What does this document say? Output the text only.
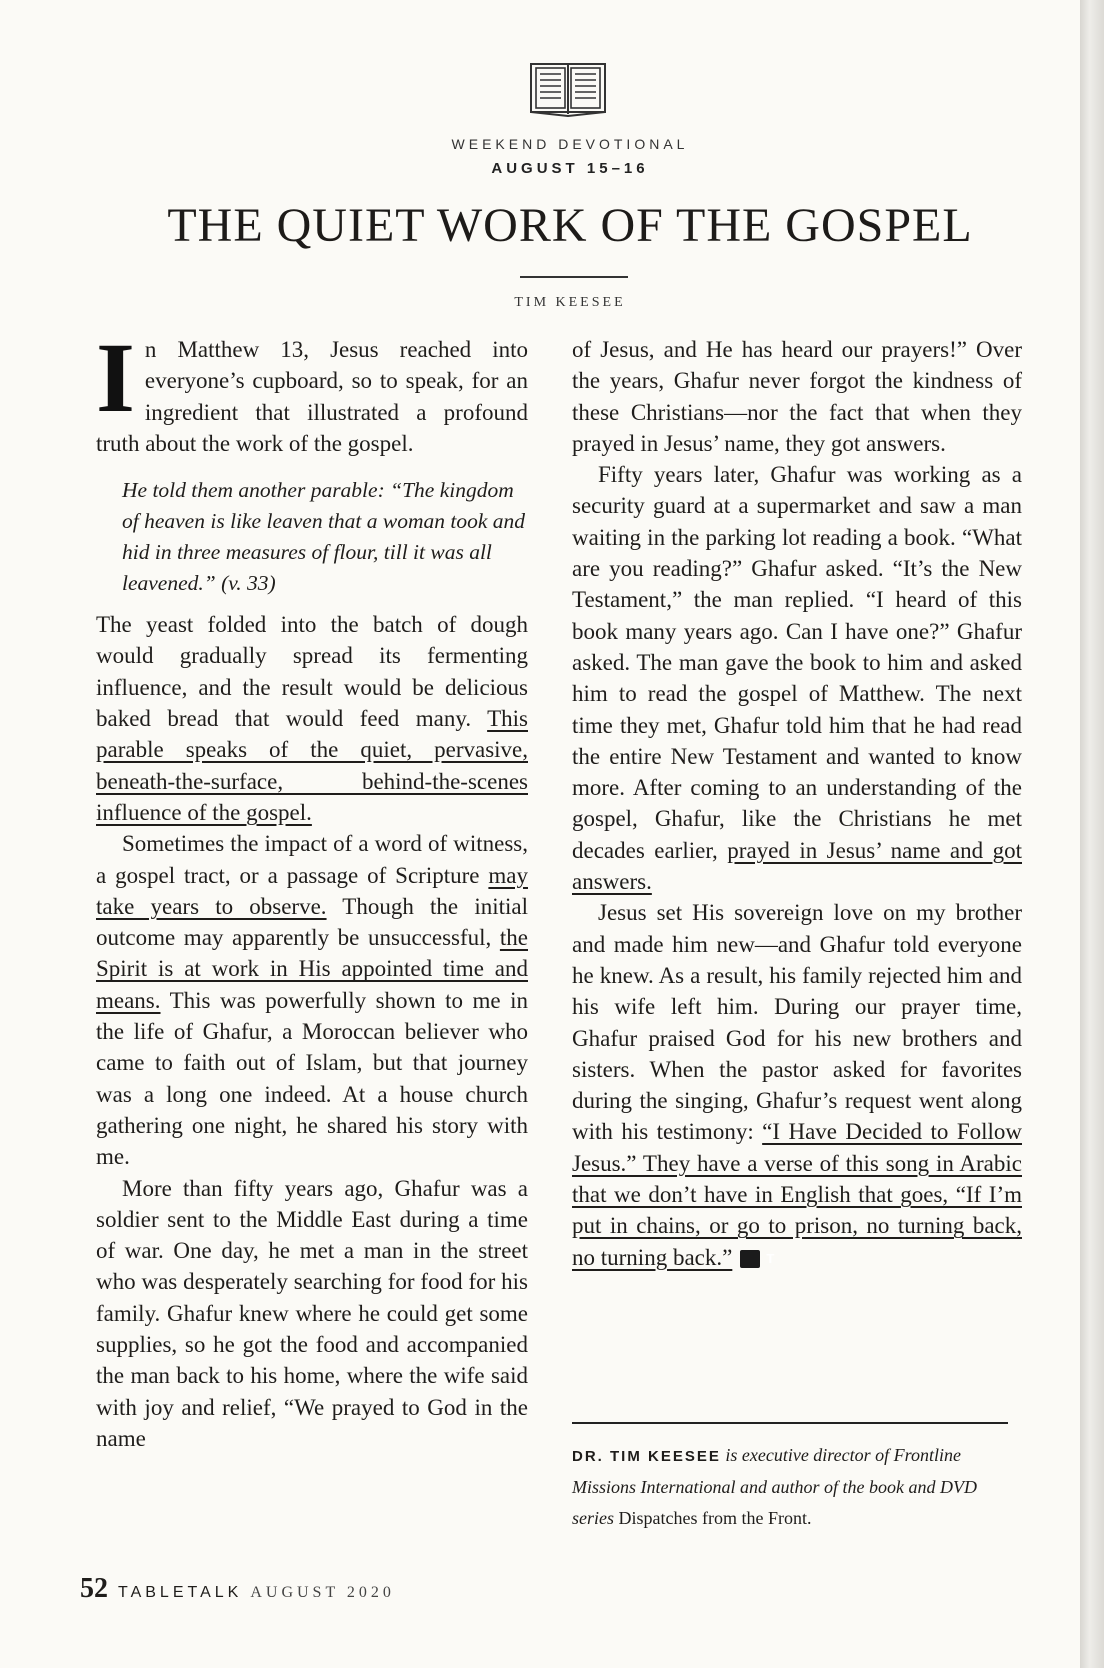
WEEKEND DEVOTIONAL
AUGUST 15–16
THE QUIET WORK OF THE GOSPEL
TIM KEESEE

In Matthew 13, Jesus reached into everyone’s cupboard, so to speak, for an ingredient that illustrated a profound truth about the work of the gospel.

He told them another parable: “The kingdom of heaven is like leaven that a woman took and hid in three measures of flour, till it was all leavened.” (v. 33)

The yeast folded into the batch of dough would gradually spread its fermenting influence, and the result would be delicious baked bread that would feed many. This parable speaks of the quiet, pervasive, beneath-the-surface, behind-the-scenes influence of the gospel.

Sometimes the impact of a word of witness, a gospel tract, or a passage of Scripture may take years to observe. Though the initial outcome may apparently be unsuccessful, the Spirit is at work in His appointed time and means. This was powerfully shown to me in the life of Ghafur, a Moroccan believer who came to faith out of Islam, but that journey was a long one indeed. At a house church gathering one night, he shared his story with me.

More than fifty years ago, Ghafur was a soldier sent to the Middle East during a time of war. One day, he met a man in the street who was desperately searching for food for his family. Ghafur knew where he could get some supplies, so he got the food and accompanied the man back to his home, where the wife said with joy and relief, “We prayed to God in the name

of Jesus, and He has heard our prayers!” Over the years, Ghafur never forgot the kindness of these Christians—nor the fact that when they prayed in Jesus’ name, they got answers.

Fifty years later, Ghafur was working as a security guard at a supermarket and saw a man waiting in the parking lot reading a book. “What are you reading?” Ghafur asked. “It’s the New Testament,” the man replied. “I heard of this book many years ago. Can I have one?” Ghafur asked. The man gave the book to him and asked him to read the gospel of Matthew. The next time they met, Ghafur told him that he had read the entire New Testament and wanted to know more. After coming to an understanding of the gospel, Ghafur, like the Christians he met decades earlier, prayed in Jesus’ name and got answers.

Jesus set His sovereign love on my brother and made him new—and Ghafur told everyone he knew. As a result, his family rejected him and his wife left him. During our prayer time, Ghafur praised God for his new brothers and sisters. When the pastor asked for favorites during the singing, Ghafur’s request went along with his testimony: “I Have Decided to Follow Jesus.” They have a verse of this song in Arabic that we don’t have in English that goes, “If I’m put in chains, or go to prison, no turning back, no turning back.”	T

DR. TIM KEESEE is executive director of Frontline Missions International and author of the book and DVD series Dispatches from the Front.
52 TABLETALK AUGUST 2020
